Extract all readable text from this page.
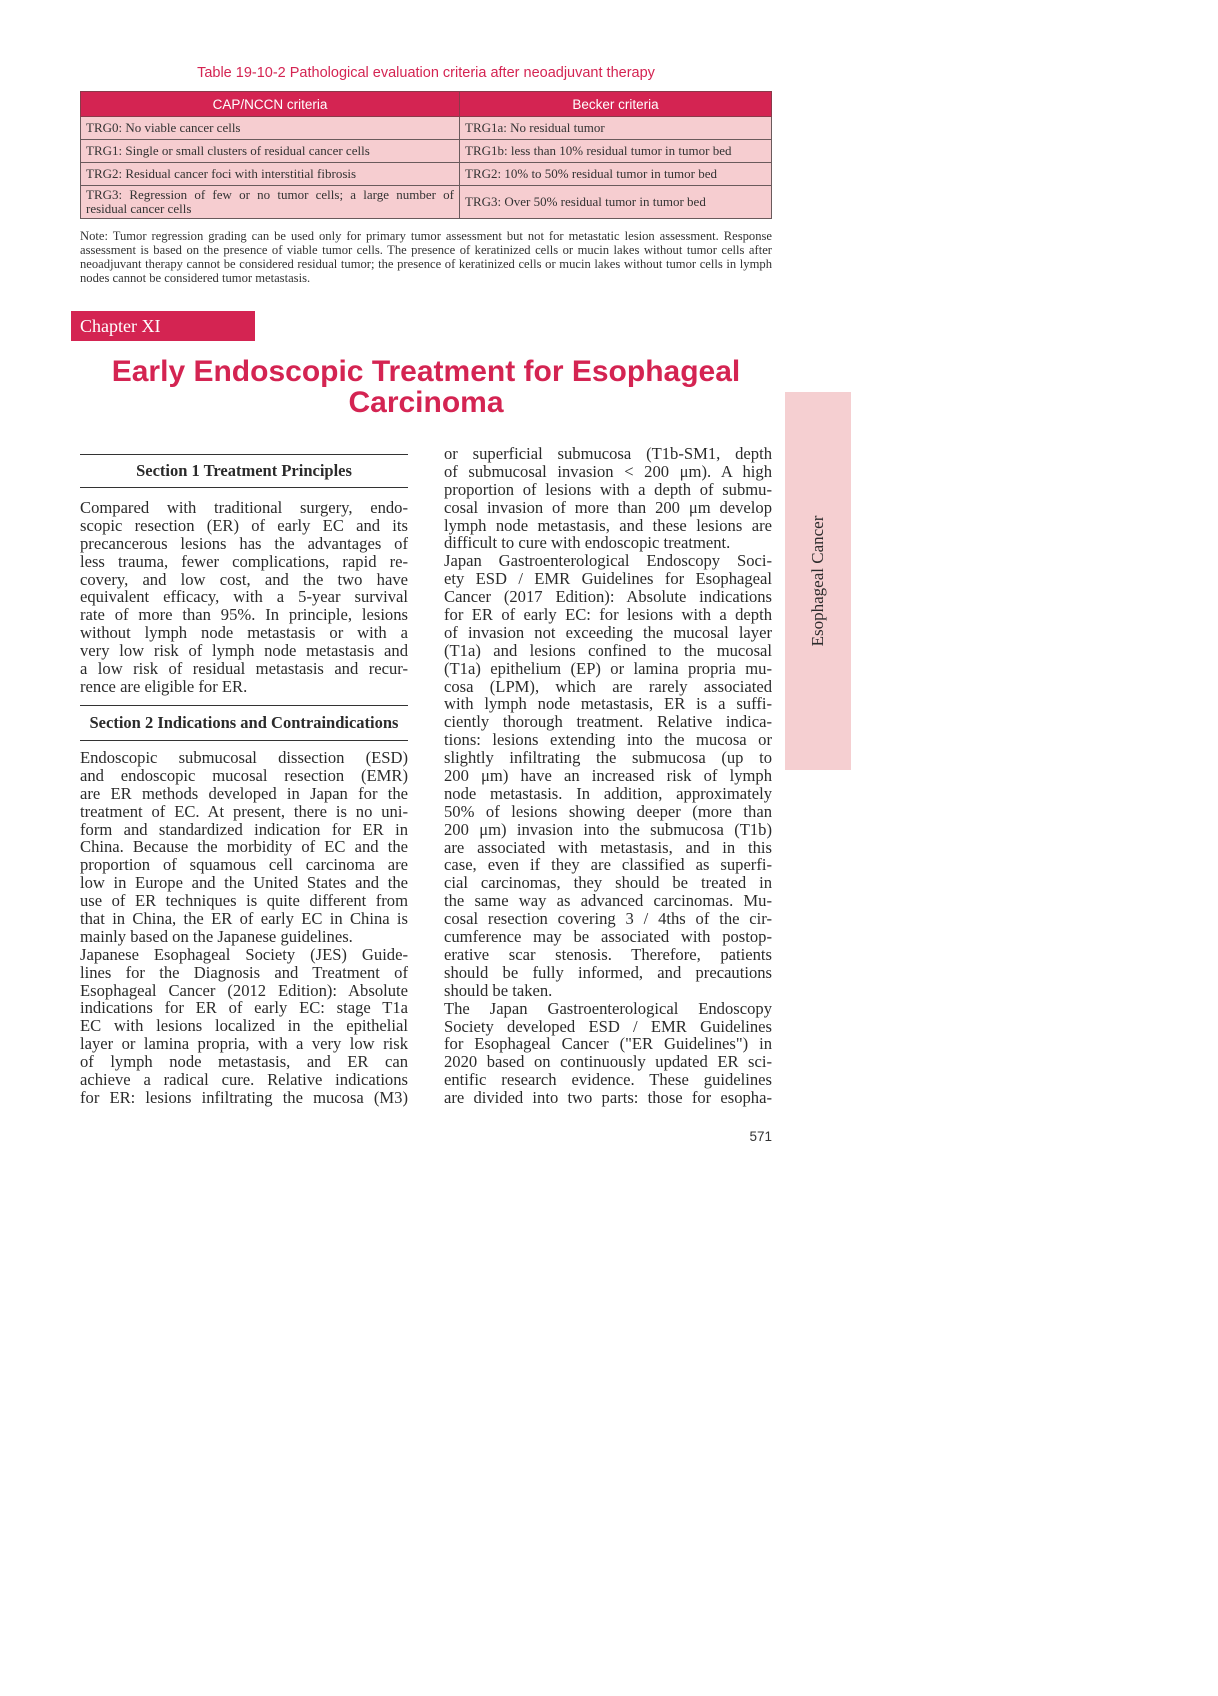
Table 19-10-2 Pathological evaluation criteria after neoadjuvant therapy
CAP/NCCN criteria	Becker criteria
TRG0: No viable cancer cells	TRG1a: No residual tumor
TRG1: Single or small clusters of residual cancer cells	TRG1b: less than 10% residual tumor in tumor bed
TRG2: Residual cancer foci with interstitial fibrosis	TRG2: 10% to 50% residual tumor in tumor bed
TRG3: Regression of few or no tumor cells; a large number of residual cancer cells	TRG3: Over 50% residual tumor in tumor bed
Note: Tumor regression grading can be used only for primary tumor assessment but not for metastatic lesion assessment. Response assessment is based on the presence of viable tumor cells. The presence of keratinized cells or mucin lakes without tumor cells after neoadjuvant therapy cannot be considered residual tumor; the presence of keratinized cells or mucin lakes without tumor cells in lymph nodes cannot be considered tumor metastasis.
Chapter XI
Early Endoscopic Treatment for Esophageal
Carcinoma
Esophageal Cancer
Section 1 Treatment Principles
Compared with traditional surgery, endo-
scopic resection (ER) of early EC and its
precancerous lesions has the advantages of
less trauma, fewer complications, rapid re-
covery, and low cost, and the two have
equivalent efficacy, with a 5-year survival
rate of more than 95%. In principle, lesions
without lymph node metastasis or with a
very low risk of lymph node metastasis and
a low risk of residual metastasis and recur-
rence are eligible for ER.
Section 2 Indications and Contraindications
Endoscopic submucosal dissection (ESD)
and endoscopic mucosal resection (EMR)
are ER methods developed in Japan for the
treatment of EC. At present, there is no uni-
form and standardized indication for ER in
China. Because the morbidity of EC and the
proportion of squamous cell carcinoma are
low in Europe and the United States and the
use of ER techniques is quite different from
that in China, the ER of early EC in China is
mainly based on the Japanese guidelines.
Japanese Esophageal Society (JES) Guide-
lines for the Diagnosis and Treatment of
Esophageal Cancer (2012 Edition): Absolute
indications for ER of early EC: stage T1a
EC with lesions localized in the epithelial
layer or lamina propria, with a very low risk
of lymph node metastasis, and ER can
achieve a radical cure. Relative indications
for ER: lesions infiltrating the mucosa (M3)
or superficial submucosa (T1b-SM1, depth
of submucosal invasion < 200 μm). A high
proportion of lesions with a depth of submu-
cosal invasion of more than 200 μm develop
lymph node metastasis, and these lesions are
difficult to cure with endoscopic treatment.
Japan Gastroenterological Endoscopy Soci-
ety ESD / EMR Guidelines for Esophageal
Cancer (2017 Edition): Absolute indications
for ER of early EC: for lesions with a depth
of invasion not exceeding the mucosal layer
(T1a) and lesions confined to the mucosal
(T1a) epithelium (EP) or lamina propria mu-
cosa (LPM), which are rarely associated
with lymph node metastasis, ER is a suffi-
ciently thorough treatment. Relative indica-
tions: lesions extending into the mucosa or
slightly infiltrating the submucosa (up to
200 μm) have an increased risk of lymph
node metastasis. In addition, approximately
50% of lesions showing deeper (more than
200 μm) invasion into the submucosa (T1b)
are associated with metastasis, and in this
case, even if they are classified as superfi-
cial carcinomas, they should be treated in
the same way as advanced carcinomas. Mu-
cosal resection covering 3 / 4ths of the cir-
cumference may be associated with postop-
erative scar stenosis. Therefore, patients
should be fully informed, and precautions
should be taken.
The Japan Gastroenterological Endoscopy
Society developed ESD / EMR Guidelines
for Esophageal Cancer ("ER Guidelines") in
2020 based on continuously updated ER sci-
entific research evidence. These guidelines
are divided into two parts: those for esopha-
571
